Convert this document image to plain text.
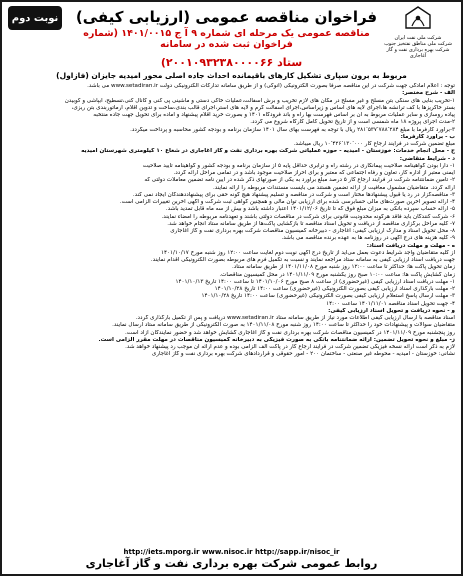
نوبت دوم
شرکت ملی نفت ایران
شرکت ملی مناطق نفتخیز جنوب
شرکت بهره برداری نفت و گاز آغاجاری
فراخوان مناقصه عمومی (ارزیابی کیفی)
مناقصه عمومی یک مرحله ای شماره ۹ آ ج ۱۴۰۱/۰۰۱۵ (شماره فراخوان ثبت شده در سامانه
ستاد ۲۰۰۱۰۹۳۲۳۸۰۰۰۰۶۶)
مربوط به برون سپاری تشکیل کارهای باقیمانده احداث جاده اصلی محور امیدیه جایزان (فازاول)
توجه : اعلام آمادگی جهت شرکت در این مناقصه صرفاً بصورت الکترونیکی (آنوکی) و از طریق سامانه تدارکات الکترونیکی دولت www.setadiran.ir می باشد.
الف - شرح مختصر:
۱-تخریب بنایی های سنگی بتن مسلح و غیر مسلح در مکان های لازم تخریب و برش آسفالت،عملیات خاکی دستی و ماشینی پی کنی و کانال کنی،تسطیح، آبپاشی و کوبیدن
بستر خاکریزها با کف ترانشه ها،اجرای لایه های اساس و زیراساس،اجرای آسفالت گرم و لایه های آستر،اجرای قالب بندی،ساخت و تدوین اقلام، ارماتوربندی بتن ریزی،
پیاده روسازی و سایر عملیات مربوط به آن بر اساس فهرست بها راه و باند فرودگاه ۱۴۰۱ و بصورت خرید اقلام پیشنهاد و آماده برای تحویل جهت جاده منتخبه
۲-مدت اجرای پروژه ۱۸ ماه شمسی است و از تاریخ تحویل کامل کارگاه شروع می گردد.
۳-برآورد کارفرما با مبلغ ۲۸۱٬۵۳۷٬۷۸۸٬۲۸۴ ریال با توجه به فهرست بهای سال ۱۴۰۱ سازمان برنامه و بودجه کشور محاسبه و پرداخت میگردد.
ب - برآورد کارفرما:
مبلغ تضمین شرکت در فرآیند ارجاع کار ۱۰٬۴۲۶٬۱۳۰٬۰۰۰ ریال میباشد.
ج - محل انجام خدمات: خوزستان - امیدیه - حوزه عملیاتی شرکت بهره برداری نفت و گاز آغاجاری در شعاع ۱۰ کیلومتری شهرستان امیدیه
د - شرایط متقاضی:
۱- دارا بودن گواهینامه صلاحیت پیمانکاری در رشته راه و ترابری حداقل پایه ۵ از سازمان برنامه و بودجه کشور و گواهینامه تأیید صلاحیت
ایمنی معتبر از اداره کار، تعاون و رفاه اجتماعی که معتبر و برای احراز صلاحیت موجود باشد و در تمامی مراحل ارائه گردد.
۲- تامین ضمانتنامه شرکت در فرآیند ارجاع کار ۵ درصد مبلغ برآورد به یکی از صورتهای ذکر شده در آیین نامه تضمین معاملات دولتی که
ارائه گردد. متقاضیان مشمول معافیت از ارائه تضمین هستند می بایست مستندات مربوطه را ارائه نمایند.
۳- مناقصه‌گزار در رد یا قبول پیشنهادها مختار است و شرکت در مناقصه و تسلیم پیشنهاد هیچ گونه حقی برای پیشنهاددهندگان ایجاد نمی کند.
۴- ارائه تصویر آخرین صورت‌های مالی حسابرسی شده برای ارزیابی توان مالی و همچنین گواهی ثبت شرکت و آگهی آخرین تغییرات الزامی است.
۵- ارائه حساب سپرده بانکی به میزان مبلغ فوق که تا تاریخ ۱۴۰۱/۱۲/۰۶ اعتبار داشته باشد و بیش از سه ماه قابل تمدید باشد.
۶- شرکت کنندگان باید فاقد هرگونه محدودیت قانونی برای شرکت در مناقصات دولتی باشند و تعهدنامه مربوطه را امضاء نمایند.
۷- کلیه مراحل برگزاری مناقصه از دریافت و تحویل اسناد مناقصه تا بازگشایی پاکت‌ها از طریق سامانه ستاد انجام خواهد شد.
۸- محل تحویل اسناد و مدارک ارزیابی کیفی: آغاجاری - دبیرخانه کمیسیون مناقصات شرکت بهره برداری نفت و گاز آغاجاری
۹- کلیه هزینه های درج آگهی در روزنامه ها به عهده برنده مناقصه می باشد.
ه - مهلت و مهلت دریافت اسناد:
از کلیه متقاضیان واجد شرایط دعوت بعمل می‌آید از تاریخ درج آگهی نوبت دوم لغایت ساعت ۱۲:۰۰ روز شنبه مورخ ۱۴۰۱/۱۰/۱۷
جهت دریافت اسناد ارزیابی کیفی به سامانه ستاد مراجعه نمایند و نسبت به تکمیل فرم های مربوطه بصورت الکترونیکی اقدام نمایند.
زمان تحویل پاکت ها: حداکثر تا ساعت ۱۲:۰۰ روز شنبه مورخ ۱۴۰۱/۱۱/۰۸ از طریق سامانه ستاد.
زمان گشایش پاکت ها: ساعت ۱۰:۰۰ صبح روز یکشنبه مورخ ۱۴۰۱/۱۱/۰۹ در محل کمیسیون مناقصات.
۱- مهلت دریافت اسناد ارزیابی کیفی (غیرحضوری) از ساعت ۸ صبح مورخ ۱۴۰۱/۱۰/۰۶ تا ساعت ۱۴:۰۰ تاریخ ۱۴۰۱/۱۰/۱۳
۲- مهلت بارگذاری اسناد ارزیابی کیفی بصورت الکترونیکی (غیرحضوری) ساعت ۱۴:۰۰ تاریخ ۱۴۰۱/۱۰/۲۸
۳- مهلت ارسال پاسخ استعلام ارزیابی کیفی بصورت الکترونیکی (غیرحضوری) ساعت ۱۴:۰۰ تاریخ ۱۴۰۱/۱۰/۲۸
۴- جهت تحویل اسناد مناقصه ۱۴۰۱/۱۱/۰۱ ساعت ۱۴:۰۰
و - نحوه دریافت و تحویل اسناد ارزیابی کیفی:
اسناد مناقصه با ارسال ارزیابی کیفی اطلاعات مورد نیاز از طریق سامانه ستاد www.setadiran.ir دریافت و پس از تکمیل بارگذاری گردد.
متقاضیان سوالات و پیشنهادات خود را حداکثر تا ساعت ۱۴:۰۰ روز شنبه مورخ ۱۴۰۱/۱۱/۰۸ به صورت الکترونیکی از طریق سامانه ستاد ارسال نمایند.
روز پنجشنبه مورخ ۱۴۰۱/۱۱/۰۹ در کمیسیون مناقصات شرکت بهره برداری نفت و گاز آغاجاری گشایش خواهد شد و حضور نمایندگان آزاد است.
ز- مبلغ و نحوه تحویل تضمین: ارائه ضمانتنامه بانکی به صورت فیزیکی به دبیرخانه کمیسیون مناقصات در مهلت مقرر الزامی است.
لازم به ذکر است ارائه نسخه فیزیکی تضمین شرکت در فرآیند ارجاع کار در پاکت الف الزامی بوده و عدم ارائه آن موجب رد پیشنهاد خواهد شد.
نشانی: خوزستان - امیدیه - محوطه غیر صنعتی - ساختمان ۲۰۰ - امور حقوقی و قراردادهای شرکت بهره برداری نفت و گاز آغاجاری
http://iets.mporg.ir www.nisoc.ir http://sapp.ir/nisoc_ir
روابط عمومی شرکت بهره برداری نفت و گاز آغاجاری
